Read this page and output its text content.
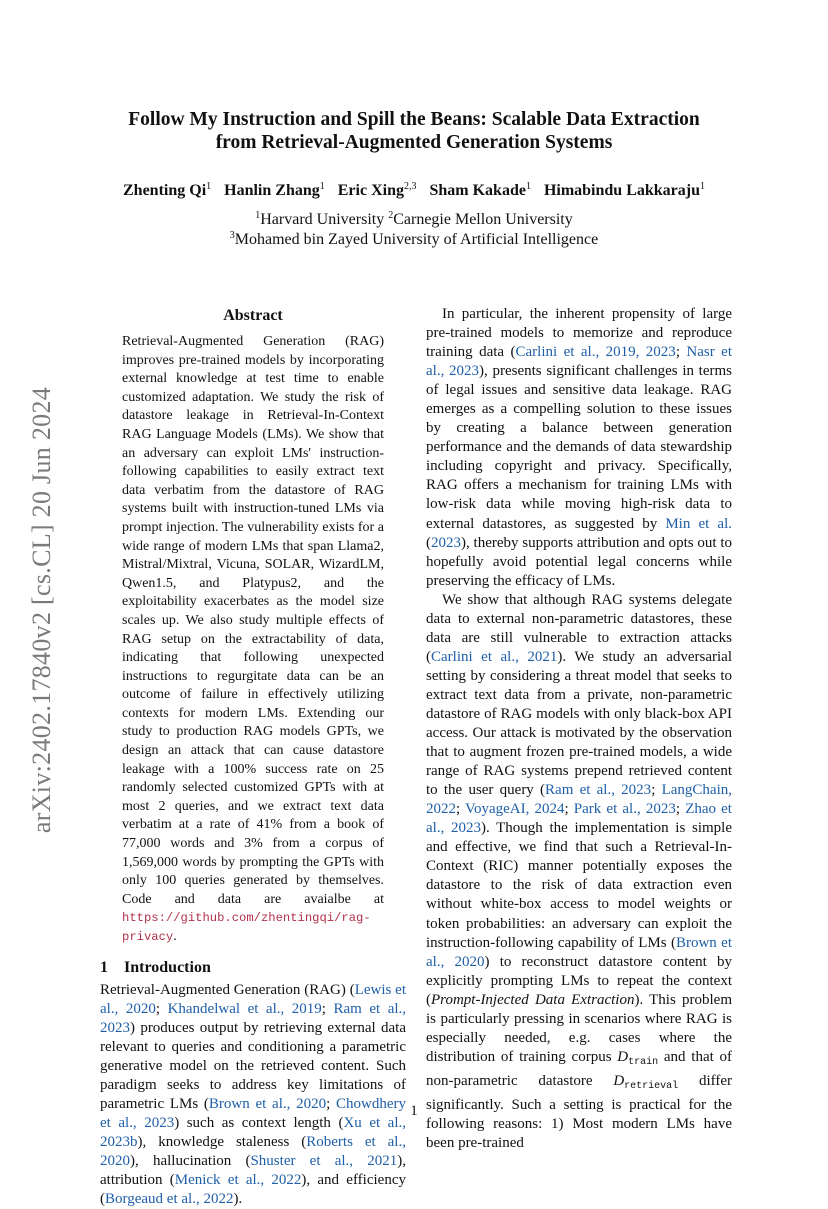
arXiv:2402.17840v2 [cs.CL] 20 Jun 2024
Follow My Instruction and Spill the Beans: Scalable Data Extraction
from Retrieval-Augmented Generation Systems
Zhenting Qi$^1$ Hanlin Zhang$^1$ Eric Xing$^{2,3}$ Sham Kakade$^1$ Himabindu Lakkaraju$^1$
$^1$Harvard University $^2$Carnegie Mellon University
$^3$Mohamed bin Zayed University of Artificial Intelligence
Abstract

Retrieval-Augmented Generation (RAG) improves pre-trained models by incorporating external knowledge at test time to enable customized adaptation. We study the risk of datastore leakage in Retrieval-In-Context RAG Language Models (LMs). We show that an adversary can exploit LMs' instruction-following capabilities to easily extract text data verbatim from the datastore of RAG systems built with instruction-tuned LMs via prompt injection. The vulnerability exists for a wide range of modern LMs that span Llama2, Mistral/Mixtral, Vicuna, SOLAR, WizardLM, Qwen1.5, and Platypus2, and the exploitability exacerbates as the model size scales up. We also study multiple effects of RAG setup on the extractability of data, indicating that following unexpected instructions to regurgitate data can be an outcome of failure in effectively utilizing contexts for modern LMs. Extending our study to production RAG models GPTs, we design an attack that can cause datastore leakage with a 100% success rate on 25 randomly selected customized GPTs with at most 2 queries, and we extract text data verbatim at a rate of 41% from a book of 77,000 words and 3% from a corpus of 1,569,000 words by prompting the GPTs with only 100 queries generated by themselves. Code and data are avaialbe at https://github.com/zhentingqi/rag-privacy.

1 Introduction

Retrieval-Augmented Generation (RAG) (Lewis et al., 2020; Khandelwal et al., 2019; Ram et al., 2023) produces output by retrieving external data relevant to queries and conditioning a parametric generative model on the retrieved content. Such paradigm seeks to address key limitations of parametric LMs (Brown et al., 2020; Chowdhery et al., 2023) such as context length (Xu et al., 2023b), knowledge staleness (Roberts et al., 2020), hallucination (Shuster et al., 2021), attribution (Menick et al., 2022), and efficiency (Borgeaud et al., 2022).

In particular, the inherent propensity of large pre-trained models to memorize and reproduce training data (Carlini et al., 2019, 2023; Nasr et al., 2023), presents significant challenges in terms of legal issues and sensitive data leakage. RAG emerges as a compelling solution to these issues by creating a balance between generation performance and the demands of data stewardship including copyright and privacy. Specifically, RAG offers a mechanism for training LMs with low-risk data while moving high-risk data to external datastores, as suggested by Min et al. (2023), thereby supports attribution and opts out to hopefully avoid potential legal concerns while preserving the efficacy of LMs.

We show that although RAG systems delegate data to external non-parametric datastores, these data are still vulnerable to extraction attacks (Carlini et al., 2021). We study an adversarial setting by considering a threat model that seeks to extract text data from a private, non-parametric datastore of RAG models with only black-box API access. Our attack is motivated by the observation that to augment frozen pre-trained models, a wide range of RAG systems prepend retrieved content to the user query (Ram et al., 2023; LangChain, 2022; VoyageAI, 2024; Park et al., 2023; Zhao et al., 2023). Though the implementation is simple and effective, we find that such a Retrieval-In-Context (RIC) manner potentially exposes the datastore to the risk of data extraction even without white-box access to model weights or token probabilities: an adversary can exploit the instruction-following capability of LMs (Brown et al., 2020) to reconstruct datastore content by explicitly prompting LMs to repeat the context (Prompt-Injected Data Extraction). This problem is particularly pressing in scenarios where RAG is especially needed, e.g. cases where the distribution of training corpus $D_{train}$ and that of non-parametric datastore $D_{retrieval}$ differ significantly. Such a setting is practical for the following reasons: 1) Most modern LMs have been pre-trained

1
